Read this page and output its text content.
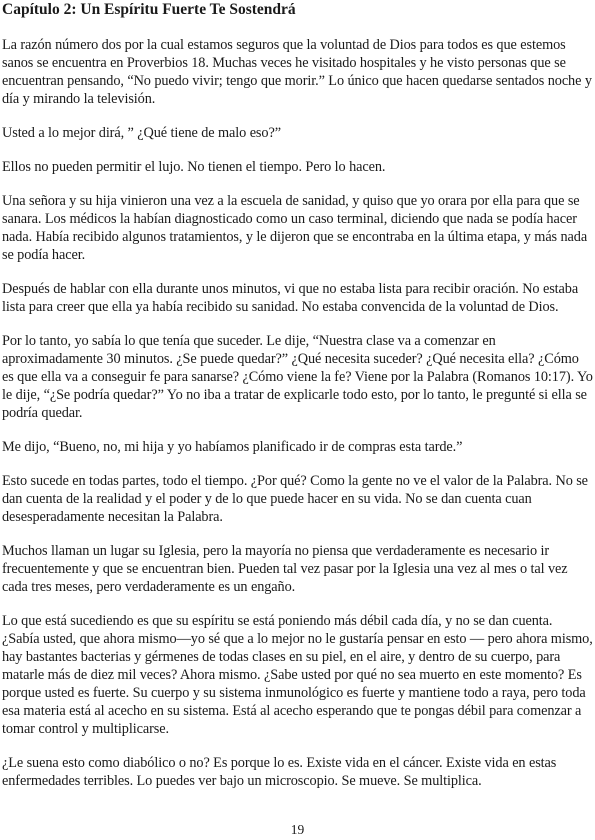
Capítulo 2: Un Espíritu Fuerte Te Sostendrá

La razón número dos por la cual estamos seguros que la voluntad de Dios para todos es que estemos sanos se encuentra en Proverbios 18. Muchas veces he visitado hospitales y he visto personas que se encuentran pensando, “No puedo vivir; tengo que morir.” Lo único que hacen quedarse sentados noche y día y mirando la televisión.

Usted a lo mejor dirá, ” ¿Qué tiene de malo eso?”

Ellos no pueden permitir el lujo. No tienen el tiempo. Pero lo hacen.

Una señora y su hija vinieron una vez a la escuela de sanidad, y quiso que yo orara por ella para que se sanara. Los médicos la habían diagnosticado como un caso terminal, diciendo que nada se podía hacer nada. Había recibido algunos tratamientos, y le dijeron que se encontraba en la última etapa, y más nada se podía hacer.

Después de hablar con ella durante unos minutos, vi que no estaba lista para recibir oración. No estaba lista para creer que ella ya había recibido su sanidad. No estaba convencida de la voluntad de Dios.

Por lo tanto, yo sabía lo que tenía que suceder. Le dije, “Nuestra clase va a comenzar en aproximadamente 30 minutos. ¿Se puede quedar?” ¿Qué necesita suceder? ¿Qué necesita ella? ¿Cómo es que ella va a conseguir fe para sanarse? ¿Cómo viene la fe? Viene por la Palabra (Romanos 10:17). Yo le dije, “¿Se podría quedar?” Yo no iba a tratar de explicarle todo esto, por lo tanto, le pregunté si ella se podría quedar.

Me dijo, “Bueno, no, mi hija y yo habíamos planificado ir de compras esta tarde.”

Esto sucede en todas partes, todo el tiempo. ¿Por qué? Como la gente no ve el valor de la Palabra. No se dan cuenta de la realidad y el poder y de lo que puede hacer en su vida. No se dan cuenta cuan desesperadamente necesitan la Palabra.

Muchos llaman un lugar su Iglesia, pero la mayoría no piensa que verdaderamente es necesario ir frecuentemente y que se encuentran bien. Pueden tal vez pasar por la Iglesia una vez al mes o tal vez cada tres meses, pero verdaderamente es un engaño.

Lo que está sucediendo es que su espíritu se está poniendo más débil cada día, y no se dan cuenta. ¿Sabía usted, que ahora mismo—yo sé que a lo mejor no le gustaría pensar en esto — pero ahora mismo, hay bastantes bacterias y gérmenes de todas clases en su piel, en el aire, y dentro de su cuerpo, para matarle más de diez mil veces? Ahora mismo. ¿Sabe usted por qué no sea muerto en este momento? Es porque usted es fuerte. Su cuerpo y su sistema inmunológico es fuerte y mantiene todo a raya, pero toda esa materia está al acecho en su sistema. Está al acecho esperando que te pongas débil para comenzar a tomar control y multiplicarse.

¿Le suena esto como diabólico o no? Es porque lo es. Existe vida en el cáncer. Existe vida en estas enfermedades terribles. Lo puedes ver bajo un microscopio. Se mueve. Se multiplica.

19
